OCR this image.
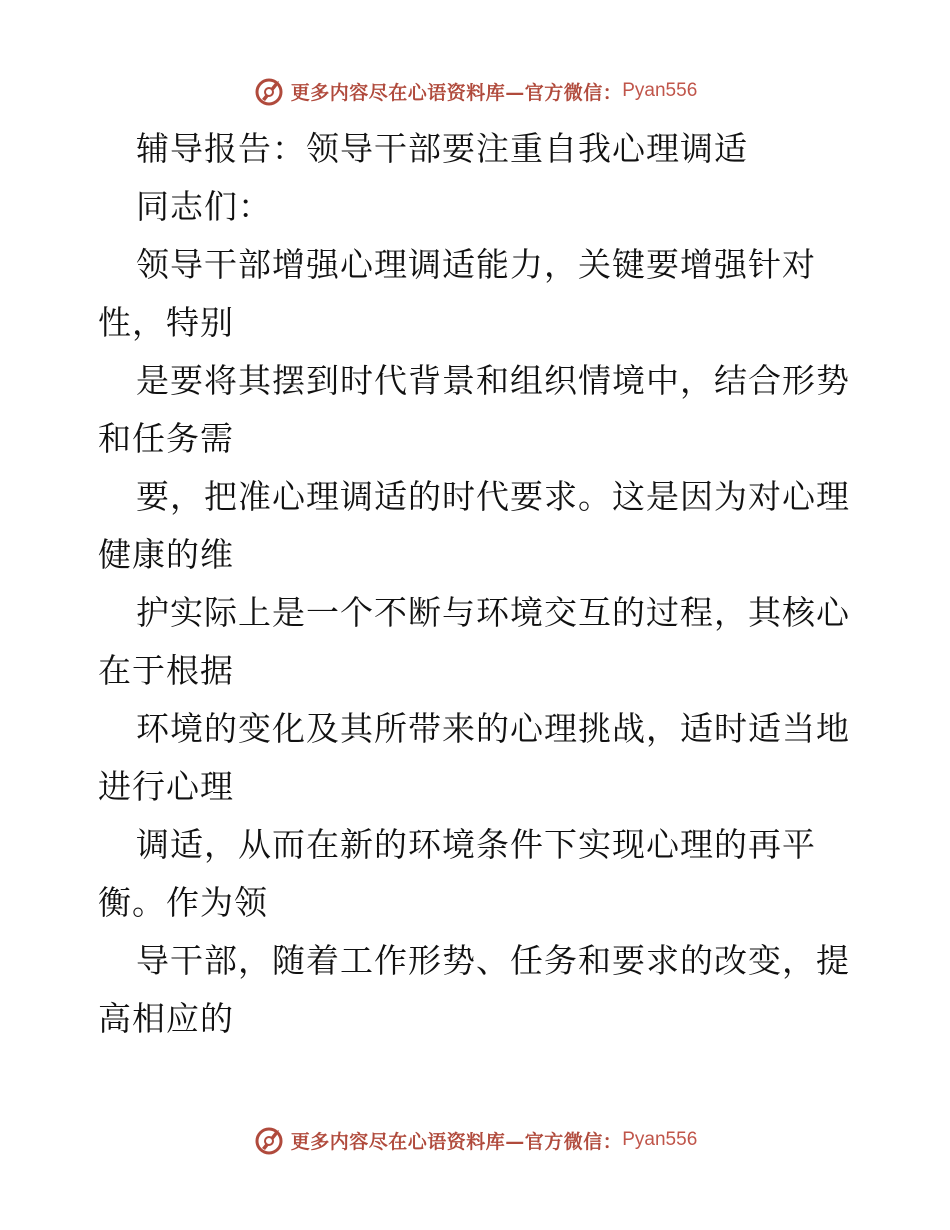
更多内容尽在心语资料库—官方微信： Pyan556
辅导报告：领导干部要注重自我心理调适
同志们：
领导干部增强心理调适能力，关键要增强针对
性，特别
是要将其摆到时代背景和组织情境中，结合形势
和任务需
要，把准心理调适的时代要求。这是因为对心理
健康的维
护实际上是一个不断与环境交互的过程，其核心
在于根据
环境的变化及其所带来的心理挑战，适时适当地
进行心理
调适，从而在新的环境条件下实现心理的再平
衡。作为领
导干部，随着工作形势、任务和要求的改变，提
高相应的
更多内容尽在心语资料库—官方微信： Pyan556
